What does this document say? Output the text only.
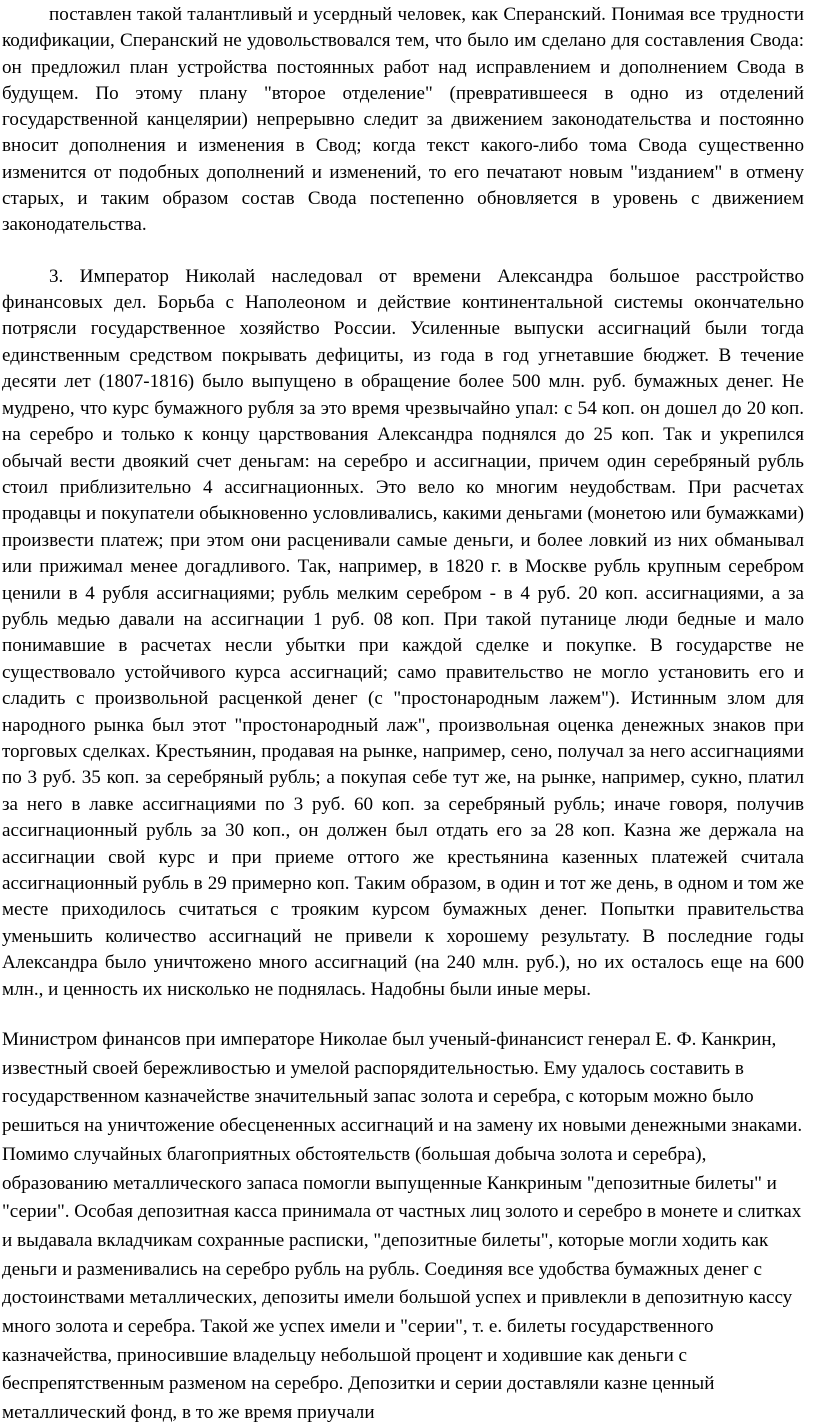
поставлен такой талантливый и усердный человек, как Сперанский. Понимая все трудности кодификации, Сперанский не удовольствовался тем, что было им сделано для составления Свода: он предложил план устройства постоянных работ над исправлением и дополнением Свода в будущем. По этому плану "второе отделение" (превратившееся в одно из отделений государственной канцелярии) непрерывно следит за движением законодательства и постоянно вносит дополнения и изменения в Свод; когда текст какого-либо тома Свода существенно изменится от подобных дополнений и изменений, то его печатают новым "изданием" в отмену старых, и таким образом состав Свода постепенно обновляется в уровень с движением законодательства.

3. Император Николай наследовал от времени Александра большое расстройство финансовых дел. Борьба с Наполеоном и действие континентальной системы окончательно потрясли государственное хозяйство России. Усиленные выпуски ассигнаций были тогда единственным средством покрывать дефициты, из года в год угнетавшие бюджет. В течение десяти лет (1807-1816) было выпущено в обращение более 500 млн. руб. бумажных денег. Не мудрено, что курс бумажного рубля за это время чрезвычайно упал: с 54 коп. он дошел до 20 коп. на серебро и только к концу царствования Александра поднялся до 25 коп. Так и укрепился обычай вести двоякий счет деньгам: на серебро и ассигнации, причем один серебряный рубль стоил приблизительно 4 ассигнационных. Это вело ко многим неудобствам. При расчетах продавцы и покупатели обыкновенно условливались, какими деньгами (монетою или бумажками) произвести платеж; при этом они расценивали самые деньги, и более ловкий из них обманывал или прижимал менее догадливого. Так, например, в 1820 г. в Москве рубль крупным серебром ценили в 4 рубля ассигнациями; рубль мелким серебром - в 4 руб. 20 коп. ассигнациями, а за рубль медью давали на ассигнации 1 руб. 08 коп. При такой путанице люди бедные и мало понимавшие в расчетах несли убытки при каждой сделке и покупке. В государстве не существовало устойчивого курса ассигнаций; само правительство не могло установить его и сладить с произвольной расценкой денег (с "простонародным лажем"). Истинным злом для народного рынка был этот "простонародный лаж", произвольная оценка денежных знаков при торговых сделках. Крестьянин, продавая на рынке, например, сено, получал за него ассигнациями по 3 руб. 35 коп. за серебряный рубль; а покупая себе тут же, на рынке, например, сукно, платил за него в лавке ассигнациями по 3 руб. 60 коп. за серебряный рубль; иначе говоря, получив ассигнационный рубль за 30 коп., он должен был отдать его за 28 коп. Казна же держала на ассигнации свой курс и при приеме оттого же крестьянина казенных платежей считала ассигнационный рубль в 29 примерно коп. Таким образом, в один и тот же день, в одном и том же месте приходилось считаться с трояким курсом бумажных денег. Попытки правительства уменьшить количество ассигнаций не привели к хорошему результату. В последние годы Александра было уничтожено много ассигнаций (на 240 млн. руб.), но их осталось еще на 600 млн., и ценность их нисколько не поднялась. Надобны были иные меры.

Министром финансов при императоре Николае был ученый-финансист генерал Е. Ф. Канкрин, известный своей бережливостью и умелой распорядительностью. Ему удалось составить в государственном казначействе значительный запас золота и серебра, с которым можно было решиться на уничтожение обесцененных ассигнаций и на замену их новыми денежными знаками. Помимо случайных благоприятных обстоятельств (большая добыча золота и серебра), образованию металлического запаса помогли выпущенные Канкриным "депозитные билеты" и "серии". Особая депозитная касса принимала от частных лиц золото и серебро в монете и слитках и выдавала вкладчикам сохранные расписки, "депозитные билеты", которые могли ходить как деньги и разменивались на серебро рубль на рубль. Соединяя все удобства бумажных денег с достоинствами металлических, депозиты имели большой успех и привлекли в депозитную кассу много золота и серебра. Такой же успех имели и "серии", т. е. билеты государственного казначейства, приносившие владельцу небольшой процент и ходившие как деньги с беспрепятственным разменом на серебро. Депозитки и серии доставляли казне ценный металлический фонд, в то же время приучали
